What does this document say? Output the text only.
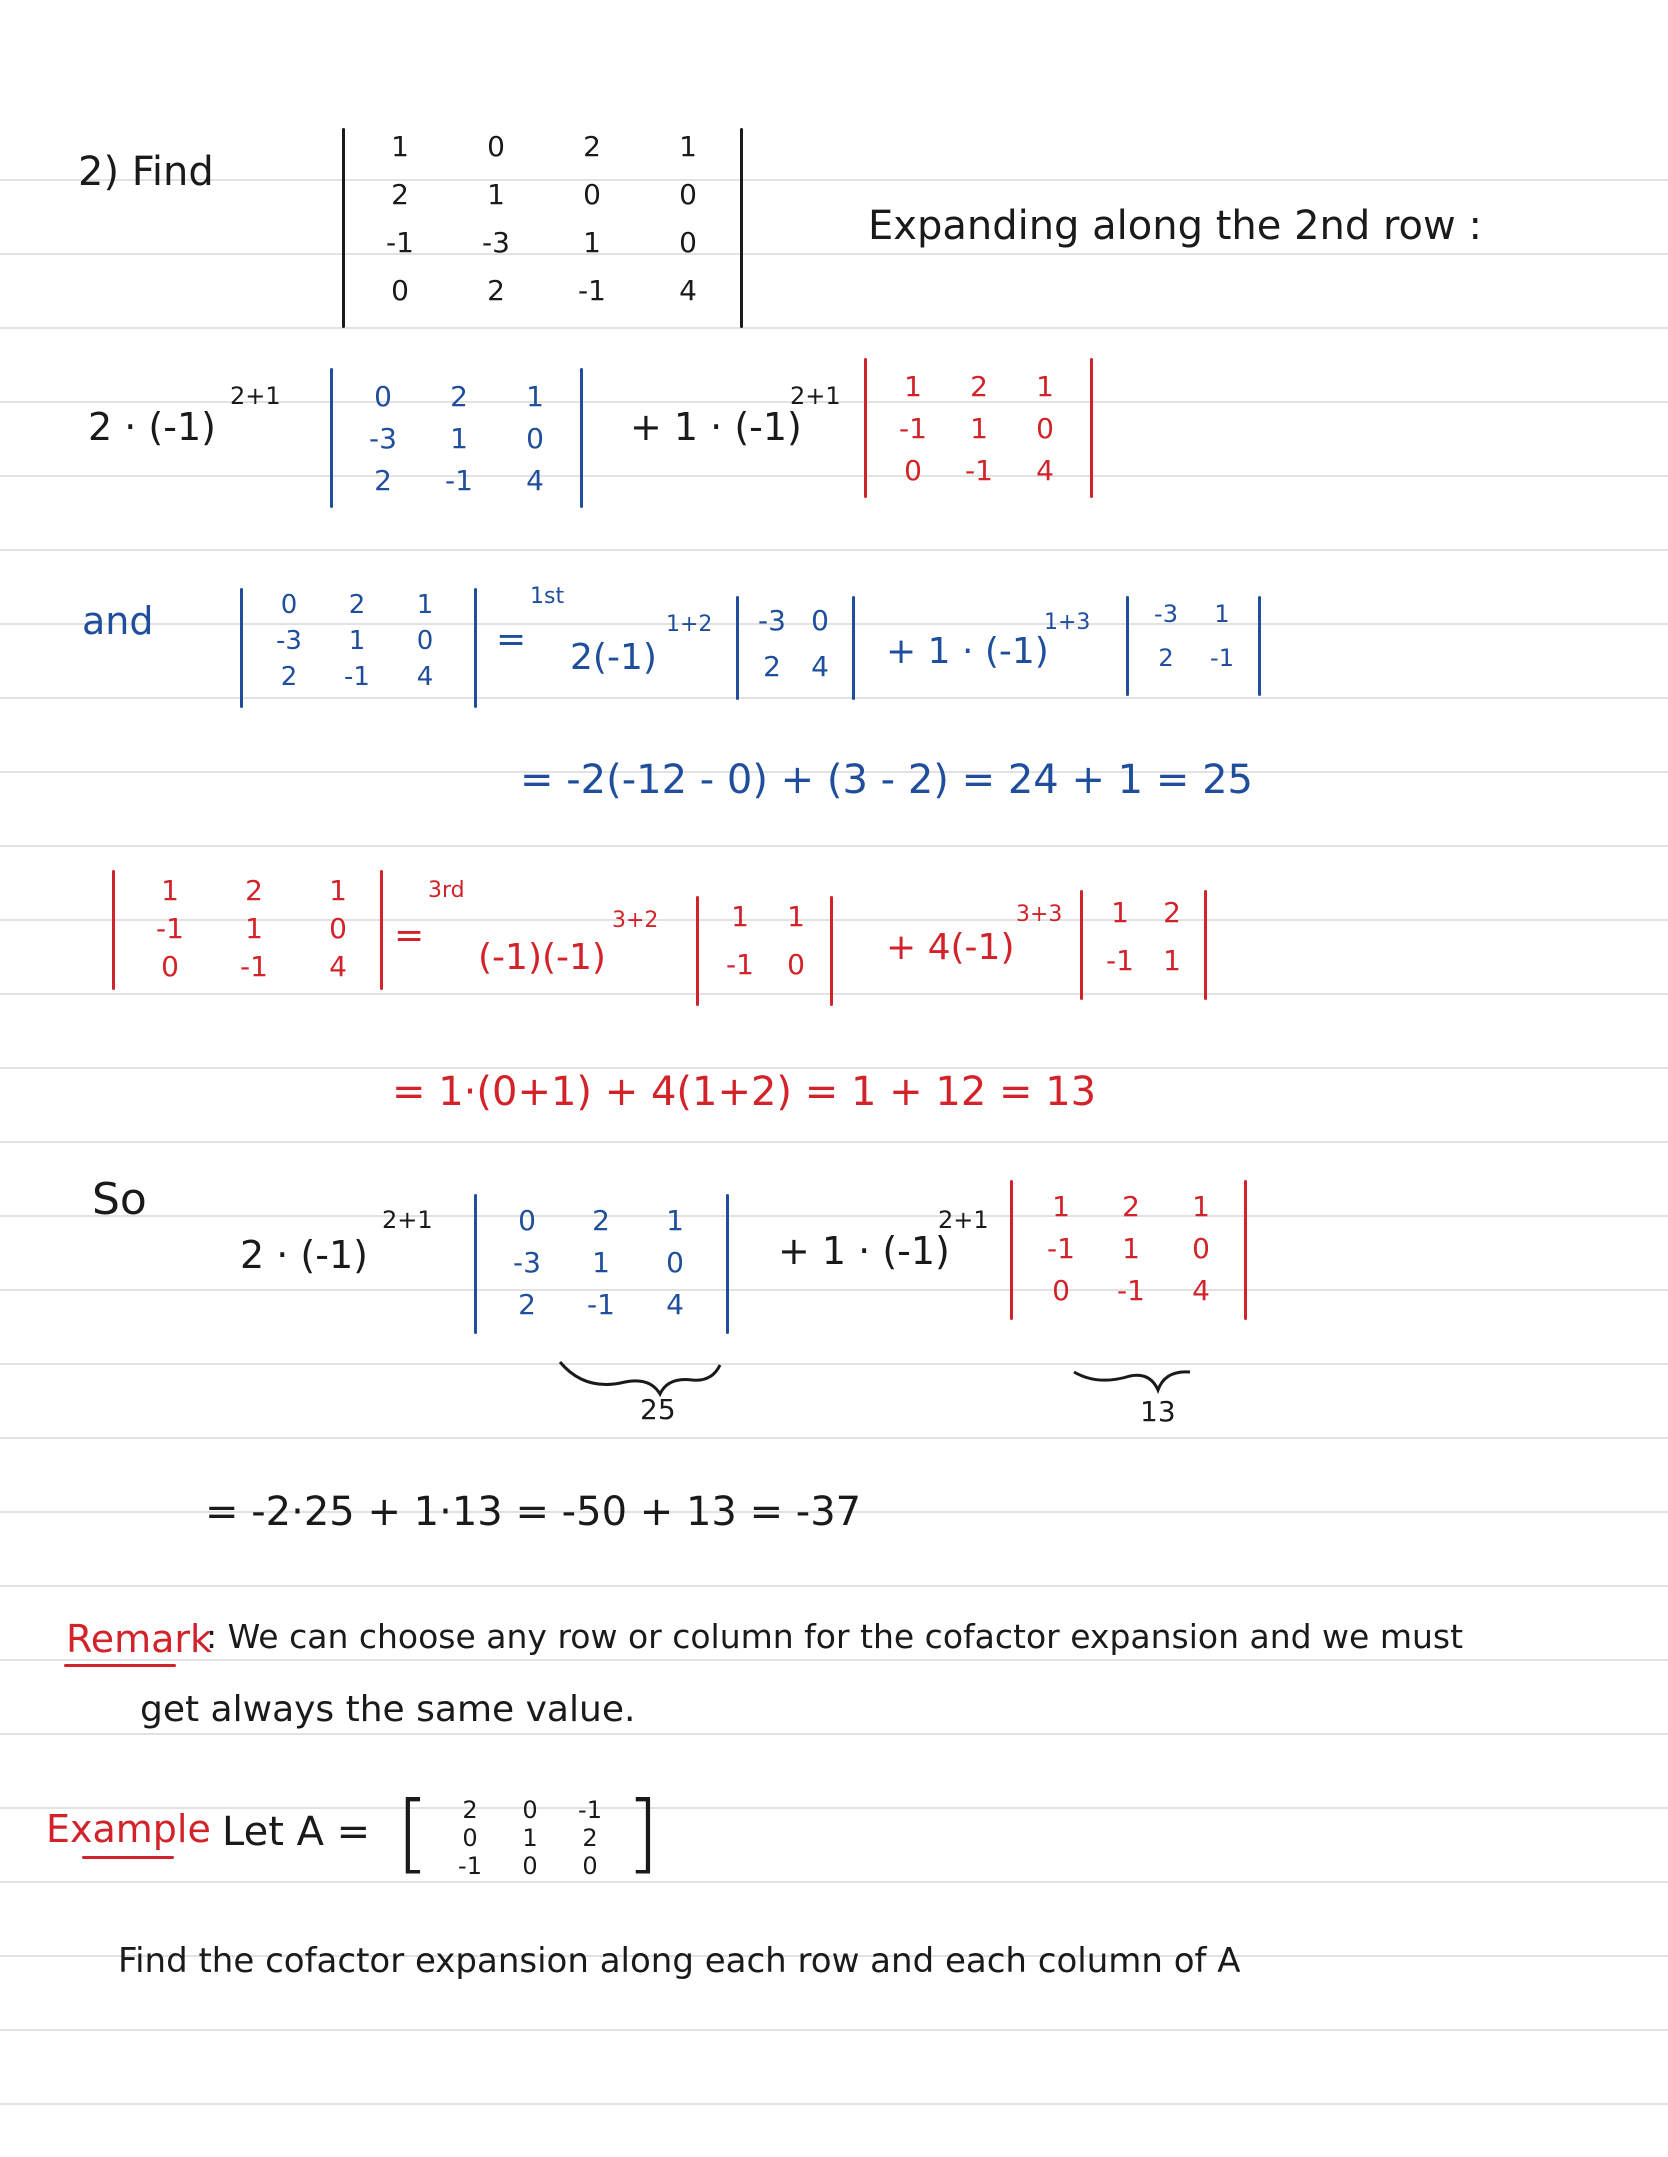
2) Find
1	0	2	1
2	1	0	0
-1	-3	1	0
0	2	-1	4
Expanding along the 2nd row :
2 · (-1)
2+1	0	2	1
-3	1	0
2	-1	4
+ 1 · (-1)
2+1	1	2	1
-1	1	0
0	-1	4
and	0	2	1
-3	1	0
2	-1	4
=
1st
2(-1)
1+2	-3 0
2	4	+ 1 · (-1)
1+3	-3	1
2	-1
= -2(-12 - 0) + (3 - 2) = 24 + 1 = 25
1	2	1
-1	1	0
0	-1	4
=
3rd
(-1)(-1)
3+2	1	1
-1	0	+ 4(-1)
3+3	1	2
-1	1
= 1·(0+1) + 4(1+2) = 1 + 12 = 13
So
2 · (-1)
2+1	0	2	1
-3	1	0
2	-1	4
+ 1 · (-1)
2+1	1	2	1
-1	1	0
0	-1	4
25	13
= -2·25 + 1·13 = -50 + 13 = -37
Remark
: We can choose any row or column for the cofactor expansion and we must
get always the same value.
Example Let A = [	2	0	-1
0	1	2
-1	0	0 ]
Find the cofactor expansion along each row and each column of A
